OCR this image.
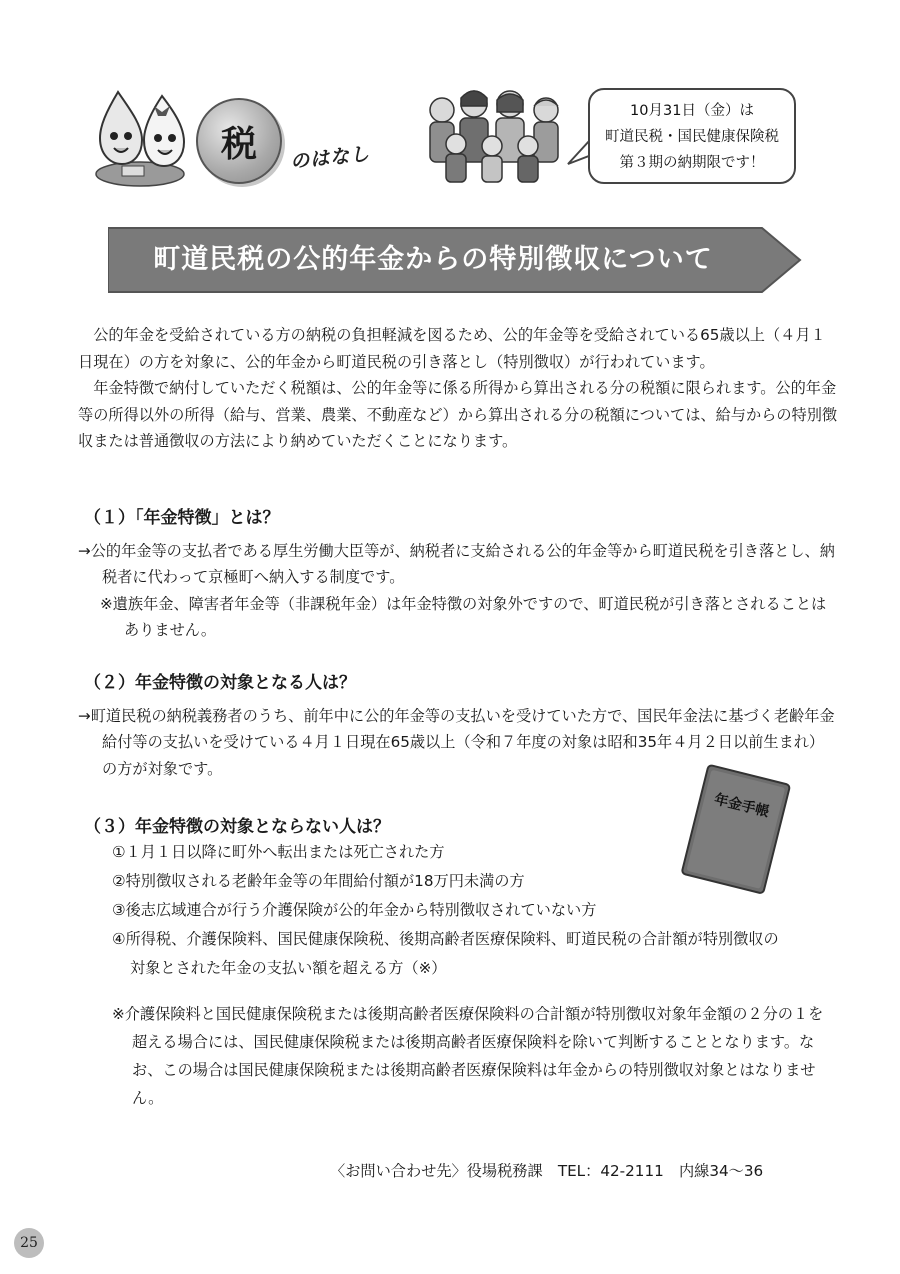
税 のはなし
10月31日（金）は
町道民税・国民健康保険税
第３期の納期限です！
町道民税の公的年金からの特別徴収について

公的年金を受給されている方の納税の負担軽減を図るため、公的年金等を受給されている65歳以上（４月１日現在）の方を対象に、公的年金から町道民税の引き落とし（特別徴収）が行われています。

年金特徴で納付していただく税額は、公的年金等に係る所得から算出される分の税額に限られます。公的年金等の所得以外の所得（給与、営業、農業、不動産など）から算出される分の税額については、給与からの特別徴収または普通徴収の方法により納めていただくことになります。

（１）「年金特徴」とは？
→公的年金等の支払者である厚生労働大臣等が、納税者に支給される公的年金等から町道民税を引き落とし、納税者に代わって京極町へ納入する制度です。
※遺族年金、障害者年金等（非課税年金）は年金特徴の対象外ですので、町道民税が引き落とされることはありません。
（２）年金特徴の対象となる人は？
→町道民税の納税義務者のうち、前年中に公的年金等の支払いを受けていた方で、国民年金法に基づく老齢年金給付等の支払いを受けている４月１日現在65歳以上（令和７年度の対象は昭和35年４月２日以前生まれ）の方が対象です。
（３）年金特徴の対象とならない人は？
①１月１日以降に町外へ転出または死亡された方
②特別徴収される老齢年金等の年間給付額が18万円未満の方
③後志広域連合が行う介護保険が公的年金から特別徴収されていない方
④所得税、介護保険料、国民健康保険税、後期高齢者医療保険料、町道民税の合計額が特別徴収の対象とされた年金の支払い額を超える方（※）
※介護保険料と国民健康保険税または後期高齢者医療保険料の合計額が特別徴収対象年金額の２分の１を超える場合には、国民健康保険税または後期高齢者医療保険料を除いて判断することとなります。なお、この場合は国民健康保険税または後期高齢者医療保険料は年金からの特別徴収対象とはなりません。
年金手帳
〈お問い合わせ先〉役場税務課　TEL：42-2111　内線34～36
25
